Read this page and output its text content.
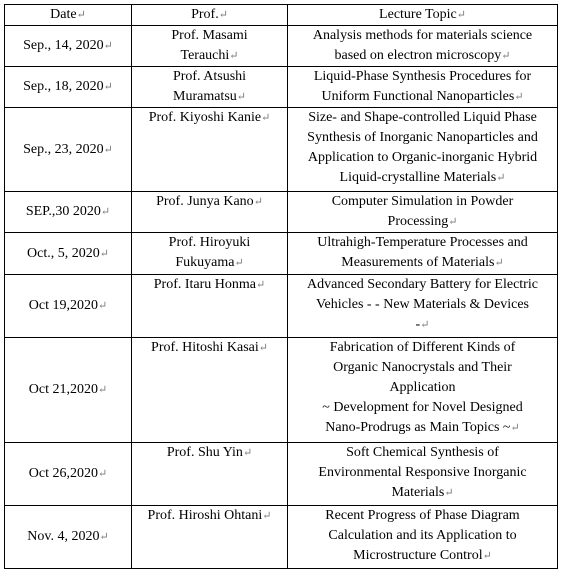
Date↵	Prof.↵	Lecture Topic↵
Sep., 14, 2020↵	Prof. Masami
Terauchi↵	Analysis methods for materials science
based on electron microscopy↵

Sep., 18, 2020↵	Prof. Atsushi
Muramatsu↵	Liquid-Phase Synthesis Procedures for
Uniform Functional Nanoparticles↵

Sep., 23, 2020↵	Prof. Kiyoshi Kanie↵	Size- and Shape-controlled Liquid Phase
Synthesis of Inorganic Nanoparticles and
Application to Organic-inorganic Hybrid
Liquid-crystalline Materials↵

SEP.,30 2020↵	Prof. Junya Kano↵	Computer Simulation in Powder
Processing↵

Oct., 5, 2020↵	Prof. Hiroyuki
Fukuyama↵	Ultrahigh-Temperature Processes and
Measurements of Materials↵

Oct 19,2020↵	Prof. Itaru Honma↵	Advanced Secondary Battery for Electric
Vehicles - - New Materials & Devices
-↵

Oct 21,2020↵	Prof. Hitoshi Kasai↵	Fabrication of Different Kinds of
Organic Nanocrystals and Their
Application
~ Development for Novel Designed
Nano-Prodrugs as Main Topics ~↵

Oct 26,2020↵	Prof. Shu Yin↵	Soft Chemical Synthesis of
Environmental Responsive Inorganic
Materials↵

Nov. 4, 2020↵	Prof. Hiroshi Ohtani↵	Recent Progress of Phase Diagram
Calculation and its Application to
Microstructure Control↵
